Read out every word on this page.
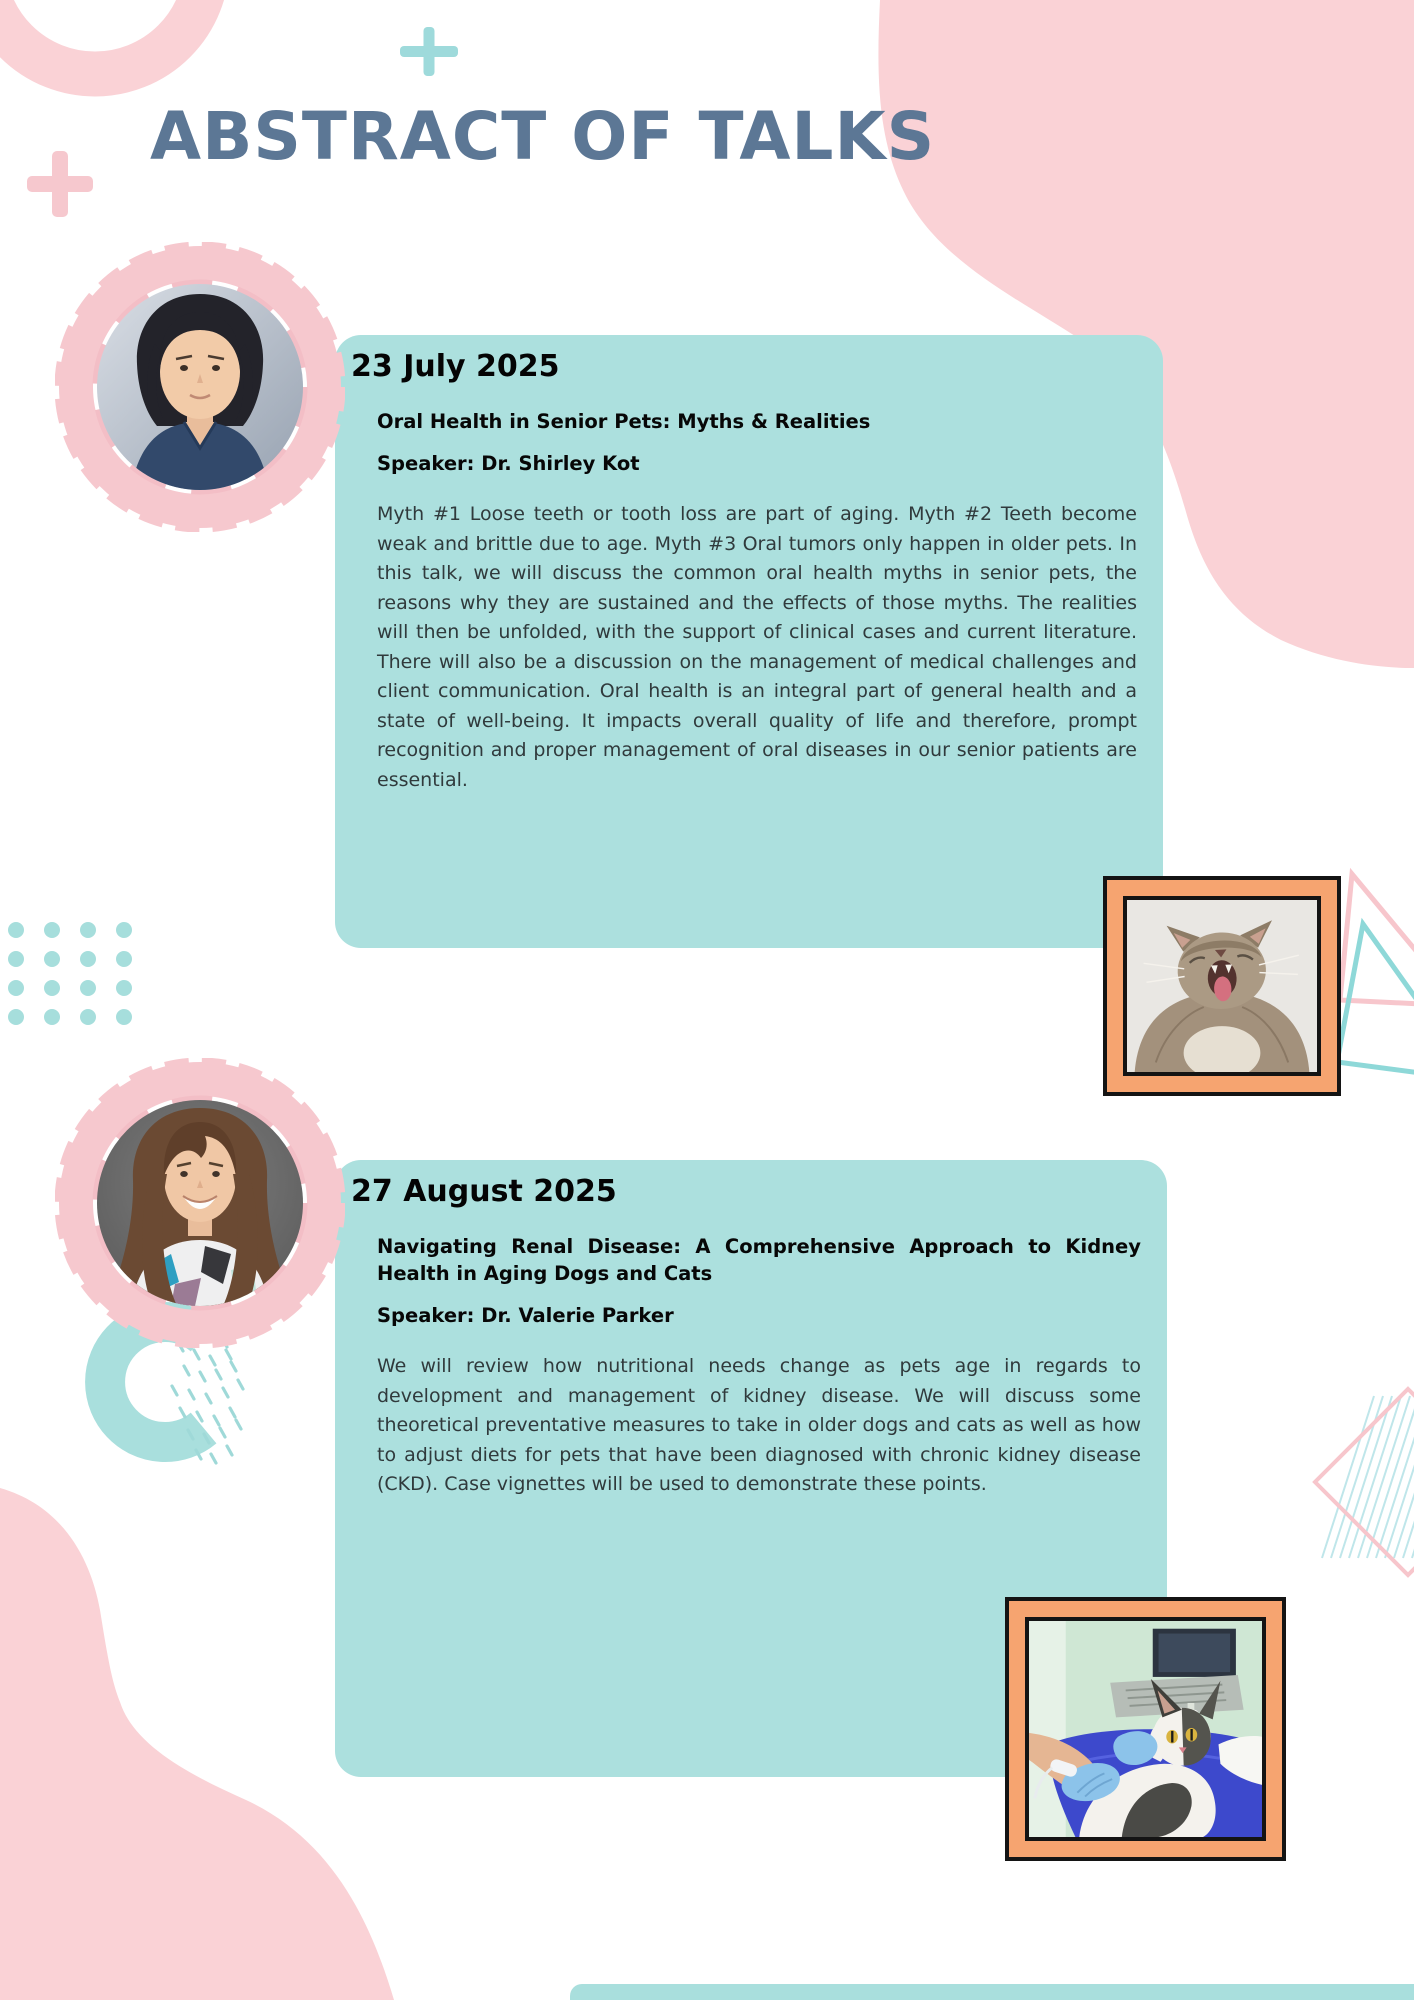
ABSTRACT OF TALKS
23 July 2025
Oral Health in Senior Pets: Myths & Realities
Speaker: Dr. Shirley Kot
Myth #1 Loose teeth or tooth loss are part of aging. Myth #2 Teeth become weak and brittle due to age. Myth #3 Oral tumors only happen in older pets. In this talk, we will discuss the common oral health myths in senior pets, the reasons why they are sustained and the effects of those myths. The realities will then be unfolded, with the support of clinical cases and current literature. There will also be a discussion on the management of medical challenges and client communication. Oral health is an integral part of general health and a state of well-being. It impacts overall quality of life and therefore, prompt recognition and proper management of oral diseases in our senior patients are essential.
27 August 2025
Navigating Renal Disease: A Comprehensive Approach to Kidney Health in Aging Dogs and Cats
Speaker: Dr. Valerie Parker
We will review how nutritional needs change as pets age in regards to development and management of kidney disease. We will discuss some theoretical preventative measures to take in older dogs and cats as well as how to adjust diets for pets that have been diagnosed with chronic kidney disease (CKD). Case vignettes will be used to demonstrate these points.
